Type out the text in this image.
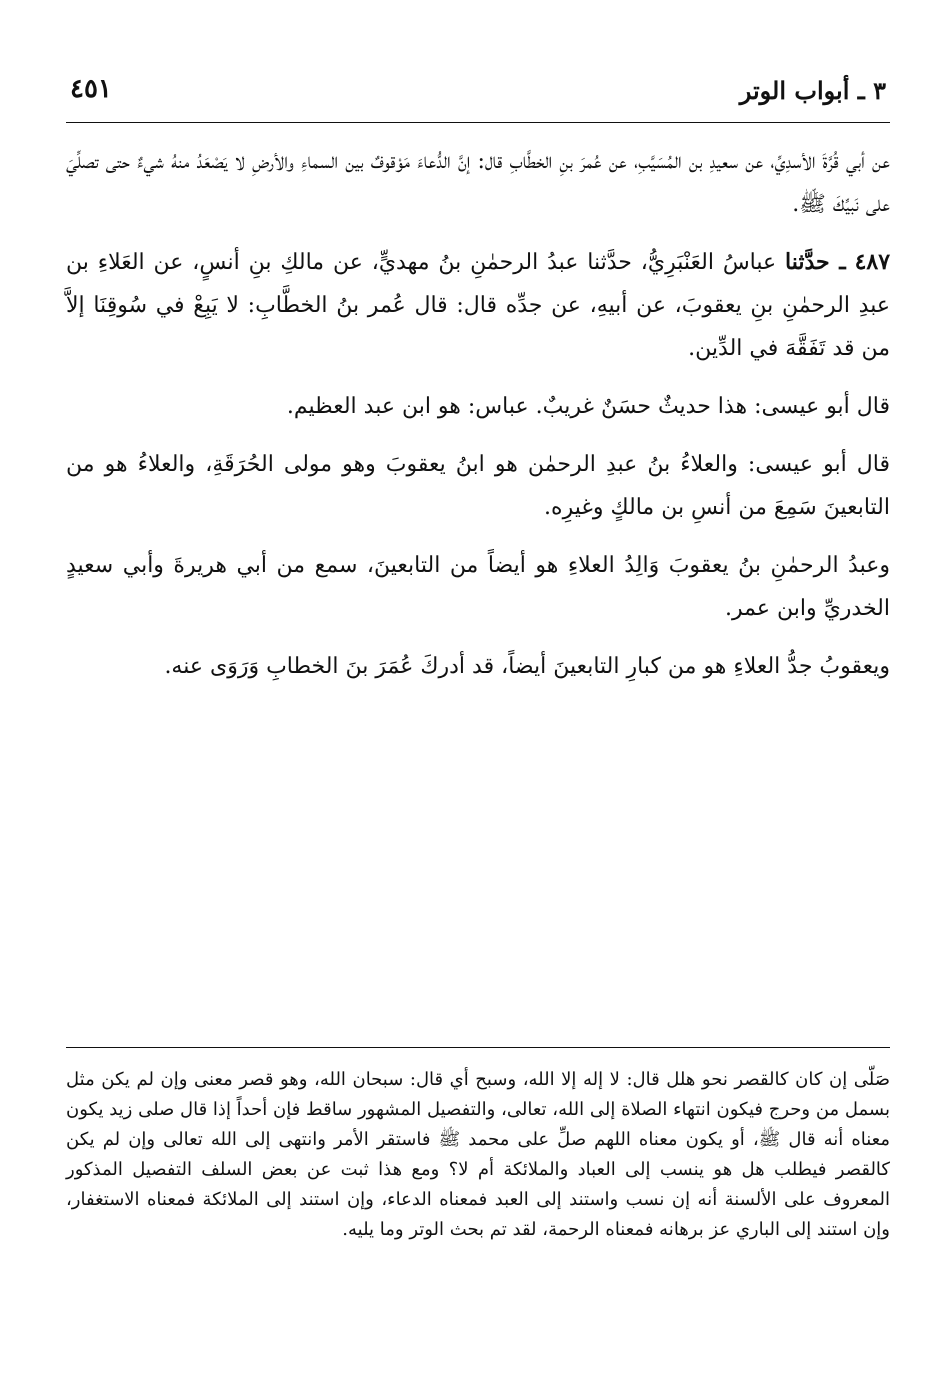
٣ ـ أبواب الوتر
٤٥١

عن أبي قُرَّةَ الأسدِيِّ، عن سعيدِ بن المُسَيَّبِ، عن عُمرَ بنِ الخطَّابِ قال: إنَّ الدُّعاءَ مَوْقوفٌ بين السماءِ والأرضِ لا يَصْعَدُ منهُ شيءٌ حتى تصلِّيَ على نَبيِّكَ ﷺ.

٤٨٧ ـ حدَّثنا عباسُ العَنْبَرِيُّ، حدَّثنا عبدُ الرحمٰنِ بنُ مهديٍّ، عن مالكِ بنِ أنسٍ، عن العَلاءِ بن عبدِ الرحمٰنِ بنِ يعقوبَ، عن أبيهِ، عن جدِّه قال: قال عُمر بنُ الخطَّابِ: لا يَبِعْ في سُوقِنَا إلاَّ من قد تَفَقَّهَ في الدِّين.

قال أبو عيسى: هذا حديثٌ حسَنٌ غريبٌ. عباس: هو ابن عبد العظيم.

قال أبو عيسى: والعلاءُ بنُ عبدِ الرحمٰن هو ابنُ يعقوبَ وهو مولى الحُرَقَةِ، والعلاءُ هو من التابعينَ سَمِعَ من أنسِ بن مالكٍ وغيرِه.

وعبدُ الرحمٰنِ بنُ يعقوبَ وَالِدُ العلاءِ هو أيضاً من التابعينَ، سمع من أبي هريرةَ وأبي سعيدٍ الخدريِّ وابن عمر.

ويعقوبُ جدُّ العلاءِ هو من كبارِ التابعينَ أيضاً، قد أدركَ عُمَرَ بنَ الخطابِ وَرَوَى عنه.

صَلّى إن كان كالقصر نحو هلل قال: لا إله إلا الله، وسبح أي قال: سبحان الله، وهو قصر معنى وإن لم يكن مثل بسمل من وحرج فيكون انتهاء الصلاة إلى الله، تعالى، والتفصيل المشهور ساقط فإن أحداً إذا قال صلى زيد يكون معناه أنه قال ﷺ، أو يكون معناه اللهم صلِّ على محمد ﷺ فاستقر الأمر وانتهى إلى الله تعالى وإن لم يكن كالقصر فيطلب هل هو ينسب إلى العباد والملائكة أم لا؟ ومع هذا ثبت عن بعض السلف التفصيل المذكور المعروف على الألسنة أنه إن نسب واستند إلى العبد فمعناه الدعاء، وإن استند إلى الملائكة فمعناه الاستغفار، وإن استند إلى الباري عز برهانه فمعناه الرحمة، لقد تم بحث الوتر وما يليه.
